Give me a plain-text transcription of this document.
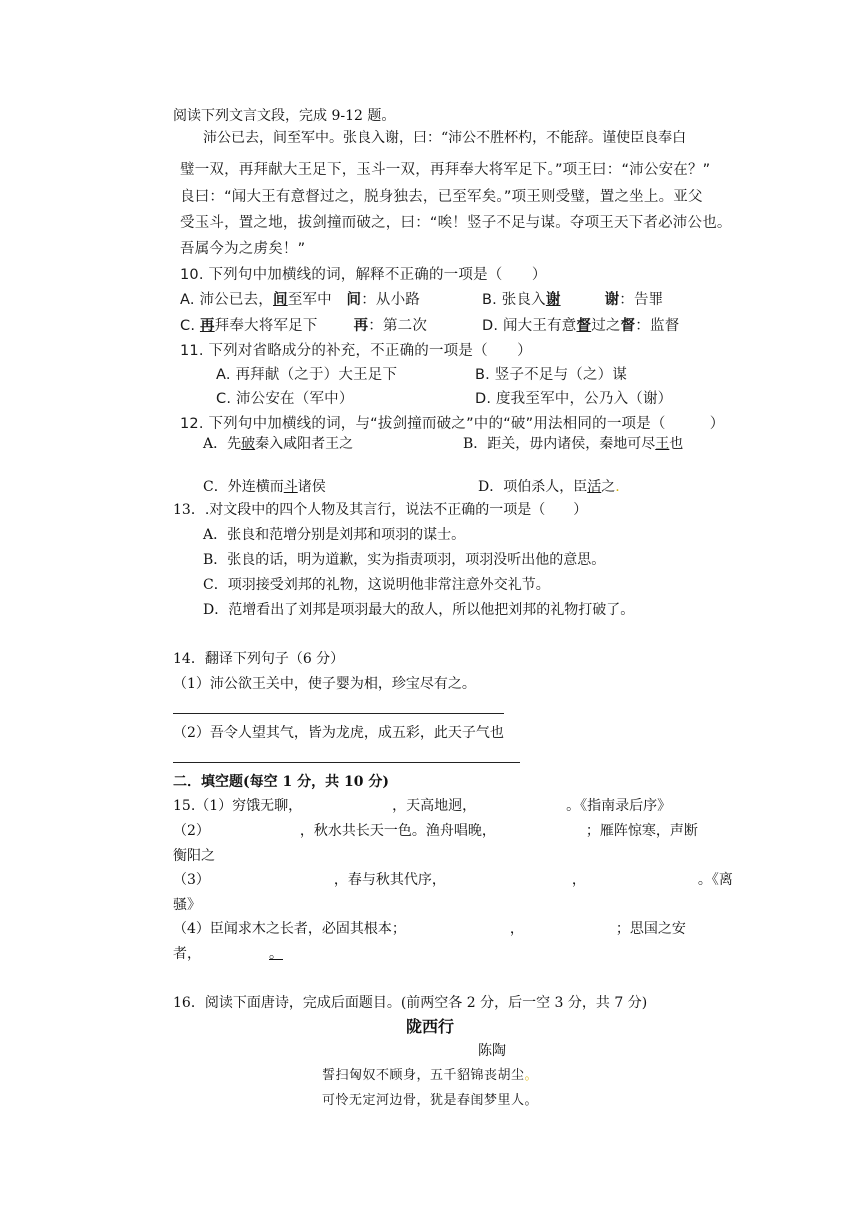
阅读下列文言文段，完成 9-12 题。
沛公已去，间至军中。张良入谢，曰：“沛公不胜杯杓，不能辞。谨使臣良奉白
璧一双，再拜献大王足下，玉斗一双，再拜奉大将军足下。”项王曰：“沛公安在？”
良曰：“闻大王有意督过之，脱身独去，已至军矣。”项王则受璧，置之坐上。亚父
受玉斗，置之地，拔剑撞而破之，曰：“唉！竖子不足与谋。夺项王天下者必沛公也。
吾属今为之虏矣！”
10. 下列句中加横线的词，解释不正确的一项是（　　）
A. 沛公已去，间至军中　间：从小路	B. 张良入谢	谢：告罪
C. 再拜奉大将军足下 再：第二次	D. 闻大王有意督过之督：监督
11. 下列对省略成分的补充，不正确的一项是（　　）
A. 再拜献（之于）大王足下	B. 竖子不足与（之）谋
C. 沛公安在（军中）	D. 度我至军中，公乃入（谢）
12. 下列句中加横线的词，与“拔剑撞而破之”中的“破”用法相同的一项是（　　　）
A．先破秦入咸阳者王之	B．距关，毋内诸侯，秦地可尽王也
C．外连横而斗诸侯	D．项伯杀人，臣活之.
13．.对文段中的四个人物及其言行，说法不正确的一项是（　　）
A．张良和范增分别是刘邦和项羽的谋士。
B．张良的话，明为道歉，实为指责项羽，项羽没听出他的意思。
C．项羽接受刘邦的礼物，这说明他非常注意外交礼节。
D．范增看出了刘邦是项羽最大的敌人，所以他把刘邦的礼物打破了。
14．翻译下列句子（6 分）
（1）沛公欲王关中，使子婴为相，珍宝尽有之。
（2）吾令人望其气，皆为龙虎，成五彩，此天子气也
二．填空题(每空 1 分，共 10 分)
15.（1）穷饿无聊，	，天高地迥，	。《指南录后序》
（2）	，秋水共长天一色。渔舟唱晚，	；雁阵惊寒，声断
衡阳之
（3）	，春与秋其代序，	，	。《离
骚》
（4）臣闻求木之长者，必固其根本；	，	；思国之安
者，	。
16．阅读下面唐诗，完成后面题目。(前两空各 2 分，后一空 3 分，共 7 分)
陇西行
陈陶
誓扫匈奴不顾身，五千貂锦丧胡尘。
可怜无定河边骨，犹是春闺梦里人。
